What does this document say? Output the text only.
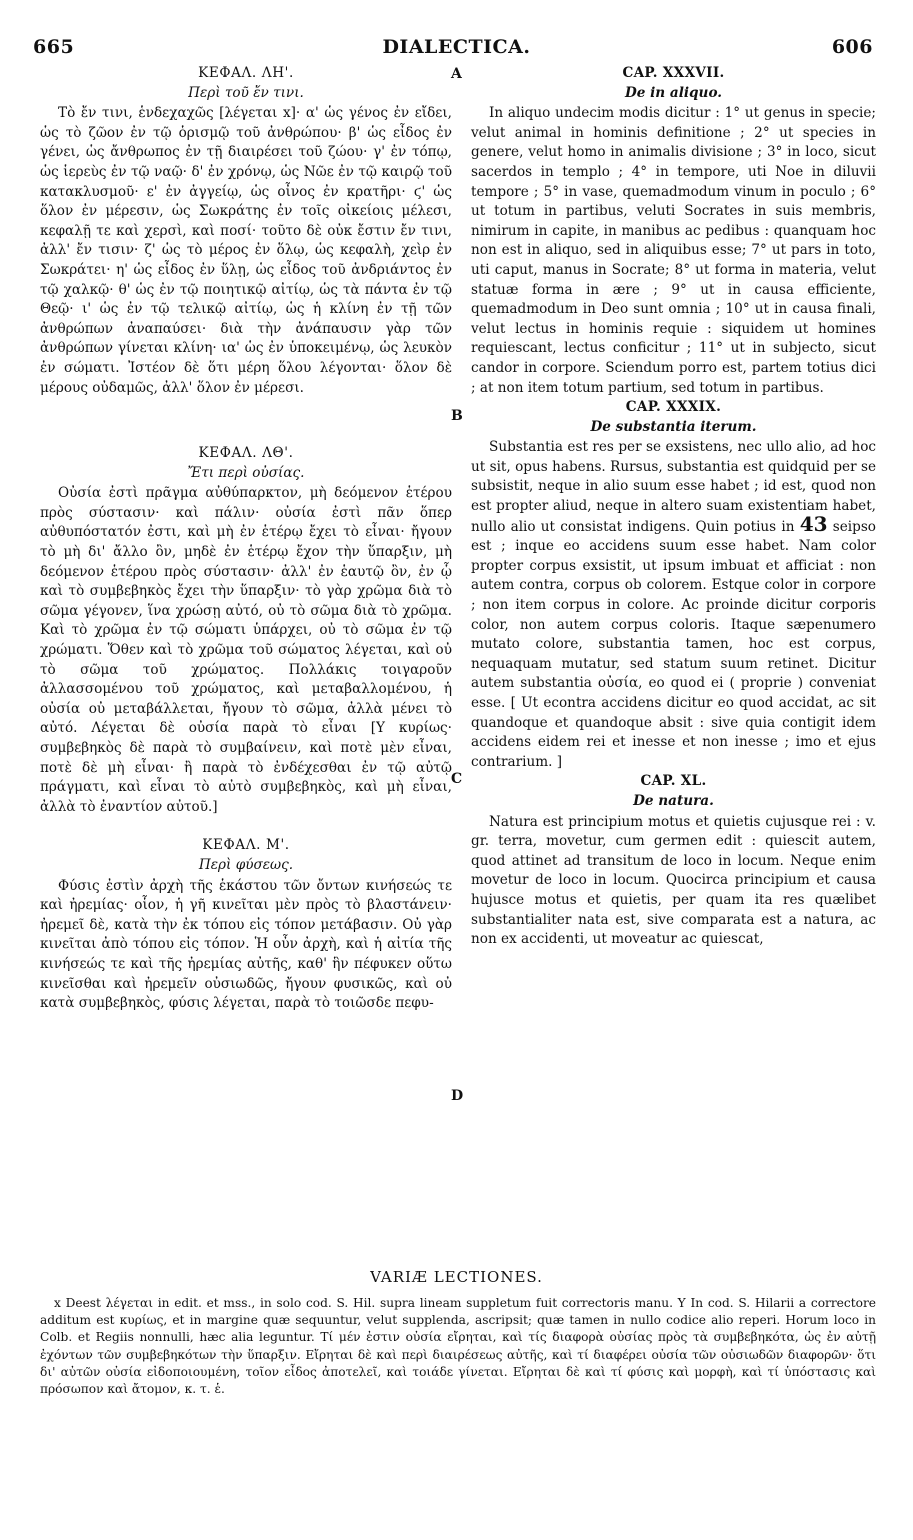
665	DIALECTICA.	606
A
B
C
D

ΚΕΦΑΛ. ΛΗ'.

Περὶ τοῦ ἔν τινι.

Τὸ ἔν τινι, ἑνδεχαχῶς [λέγεται x]· α' ὡς γένος ἐν εἴδει, ὡς τὸ ζῶον ἐν τῷ ὁρισμῷ τοῦ ἀνθρώπου· β' ὡς εἶδος ἐν γένει, ὡς ἄνθρωπος ἐν τῇ διαιρέσει τοῦ ζώου· γ' ἐν τόπῳ, ὡς ἱερεὺς ἐν τῷ ναῷ· δ' ἐν χρόνῳ, ὡς Νῶε ἐν τῷ καιρῷ τοῦ κατακλυσμοῦ· ε' ἐν ἀγγείῳ, ὡς οἶνος ἐν κρατῆρι· ϛ' ὡς ὅλον ἐν μέρεσιν, ὡς Σωκράτης ἐν τοῖς οἰκείοις μέλεσι, κεφαλῇ τε καὶ χερσὶ, καὶ ποσί· τοῦτο δὲ οὐκ ἔστιν ἔν τινι, ἀλλ' ἔν τισιν· ζ' ὡς τὸ μέρος ἐν ὅλῳ, ὡς κεφαλὴ, χεὶρ ἐν Σωκράτει· η' ὡς εἶδος ἐν ὕλῃ, ὡς εἶδος τοῦ ἀνδριάντος ἐν τῷ χαλκῷ· θ' ὡς ἐν τῷ ποιητικῷ αἰτίῳ, ὡς τὰ πάντα ἐν τῷ Θεῷ· ι' ὡς ἐν τῷ τελικῷ αἰτίῳ, ὡς ἡ κλίνη ἐν τῇ τῶν ἀνθρώπων ἀναπαύσει· διὰ τὴν ἀνάπαυσιν γὰρ τῶν ἀνθρώπων γίνεται κλίνη· ια' ὡς ἐν ὑποκειμένῳ, ὡς λευκὸν ἐν σώματι. Ἰστέον δὲ ὅτι μέρη ὅλου λέγονται· ὅλον δὲ μέρους οὐδαμῶς, ἀλλ' ὅλον ἐν μέρεσι.

ΚΕΦΑΛ. ΛΘ'.

Ἔτι περὶ οὐσίας.

Οὐσία ἐστὶ πρᾶγμα αὐθύπαρκτον, μὴ δεόμενον ἑτέρου πρὸς σύστασιν· καὶ πάλιν· οὐσία ἐστὶ πᾶν ὅπερ αὐθυπόστατόν ἐστι, καὶ μὴ ἐν ἑτέρῳ ἔχει τὸ εἶναι· ἤγουν τὸ μὴ δι' ἄλλο ὂν, μηδὲ ἐν ἑτέρῳ ἔχον τὴν ὕπαρξιν, μὴ δεόμενον ἑτέρου πρὸς σύστασιν· ἀλλ' ἐν ἑαυτῷ ὂν, ἐν ᾧ καὶ τὸ συμβεβηκὸς ἔχει τὴν ὕπαρξιν· τὸ γὰρ χρῶμα διὰ τὸ σῶμα γέγονεν, ἵνα χρώσῃ αὐτό, οὐ τὸ σῶμα διὰ τὸ χρῶμα. Καὶ τὸ χρῶμα ἐν τῷ σώματι ὑπάρχει, οὐ τὸ σῶμα ἐν τῷ χρώματι. Ὅθεν καὶ τὸ χρῶμα τοῦ σώματος λέγεται, καὶ οὐ τὸ σῶμα τοῦ χρώματος. Πολλάκις τοιγαροῦν ἀλλασσομένου τοῦ χρώματος, καὶ μεταβαλλομένου, ἡ οὐσία οὐ μεταβάλλεται, ἤγουν τὸ σῶμα, ἀλλὰ μένει τὸ αὐτό. Λέγεται δὲ οὐσία παρὰ τὸ εἶναι [Y κυρίως· συμβεβηκὸς δὲ παρὰ τὸ συμβαίνειν, καὶ ποτὲ μὲν εἶναι, ποτὲ δὲ μὴ εἶναι· ἢ παρὰ τὸ ἐνδέχεσθαι ἐν τῷ αὐτῷ πράγματι, καὶ εἶναι τὸ αὐτὸ συμβεβηκὸς, καὶ μὴ εἶναι, ἀλλὰ τὸ ἐναντίον αὐτοῦ.]

ΚΕΦΑΛ. Μ'.

Περὶ φύσεως.

Φύσις ἐστὶν ἀρχὴ τῆς ἑκάστου τῶν ὄντων κινήσεώς τε καὶ ἠρεμίας· οἷον, ἡ γῆ κινεῖται μὲν πρὸς τὸ βλαστάνειν· ἠρεμεῖ δὲ, κατὰ τὴν ἐκ τόπου εἰς τόπον μετάβασιν. Οὐ γὰρ κινεῖται ἀπὸ τόπου εἰς τόπον. Ἡ οὖν ἀρχὴ, καὶ ἡ αἰτία τῆς κινήσεώς τε καὶ τῆς ἠρεμίας αὐτῆς, καθ' ἣν πέφυκεν οὕτω κινεῖσθαι καὶ ἠρεμεῖν οὐσιωδῶς, ἤγουν φυσικῶς, καὶ οὐ κατὰ συμβεβηκὸς, φύσις λέγεται, παρὰ τὸ τοιῶσδε πεφυ-

CAP. XXXVII.

De in aliquo.

In aliquo undecim modis dicitur : 1° ut genus in specie; velut animal in hominis definitione ; 2° ut species in genere, velut homo in animalis divisione ; 3° in loco, sicut sacerdos in templo ; 4° in tempore, uti Noe in diluvii tempore ; 5° in vase, quemadmodum vinum in poculo ; 6° ut totum in partibus, veluti Socrates in suis membris, nimirum in capite, in manibus ac pedibus : quanquam hoc non est in aliquo, sed in aliquibus esse; 7° ut pars in toto, uti caput, manus in Socrate; 8° ut forma in materia, velut statuæ forma in ære ; 9° ut in causa efficiente, quemadmodum in Deo sunt omnia ; 10° ut in causa finali, velut lectus in hominis requie : siquidem ut homines requiescant, lectus conficitur ; 11° ut in subjecto, sicut candor in corpore. Sciendum porro est, partem totius dici ; at non item totum partium, sed totum in partibus.

CAP. XXXIX.

De substantia iterum.

Substantia est res per se exsistens, nec ullo alio, ad hoc ut sit, opus habens. Rursus, substantia est quidquid per se subsistit, neque in alio suum esse habet ; id est, quod non est propter aliud, neque in altero suam existentiam habet, nullo alio ut consistat indigens. Quin potius in 43 seipso est ; inque eo accidens suum esse habet. Nam color propter corpus exsistit, ut ipsum imbuat et afficiat : non autem contra, corpus ob colorem. Estque color in corpore ; non item corpus in colore. Ac proinde dicitur corporis color, non autem corpus coloris. Itaque sæpenumero mutato colore, substantia tamen, hoc est corpus, nequaquam mutatur, sed statum suum retinet. Dicitur autem substantia οὐσία, eo quod ei ( proprie ) conveniat esse. [ Ut econtra accidens dicitur eo quod accidat, ac sit quandoque et quandoque absit : sive quia contigit idem accidens eidem rei et inesse et non inesse ; imo et ejus contrarium. ]

CAP. XL.

De natura.

Natura est principium motus et quietis cujusque rei : v. gr. terra, movetur, cum germen edit : quiescit autem, quod attinet ad transitum de loco in locum. Neque enim movetur de loco in locum. Quocirca principium et causa hujusce motus et quietis, per quam ita res quælibet substantialiter nata est, sive comparata est a natura, ac non ex accidenti, ut moveatur ac quiescat,

VARIÆ LECTIONES.
x Deest λέγεται in edit. et mss., in solo cod. S. Hil. supra lineam suppletum fuit correctoris manu. Y In cod. S. Hilarii a correctore additum est κυρίως, et in margine quæ sequuntur, velut supplenda, ascripsit; quæ tamen in nullo codice alio reperi. Horum loco in Colb. et Regiis nonnulli, hæc alia leguntur. Τί μέν ἐστιν οὐσία εἴρηται, καὶ τίς διαφορὰ οὐσίας πρὸς τὰ συμβεβηκότα, ὡς ἐν αὐτῇ ἐχόντων τῶν συμβεβηκότων τὴν ὕπαρξιν. Εἴρηται δὲ καὶ περὶ διαιρέσεως αὐτῆς, καὶ τί διαφέρει οὐσία τῶν οὐσιωδῶν διαφορῶν· ὅτι δι' αὐτῶν οὐσία εἰδοποιουμένη, τοῖον εἶδος ἀποτελεῖ, καὶ τοιάδε γίνεται. Εἴρηται δὲ καὶ τί φύσις καὶ μορφὴ, καὶ τί ὑπόστασις καὶ πρόσωπον καὶ ἄτομον, κ. τ. ἑ.
